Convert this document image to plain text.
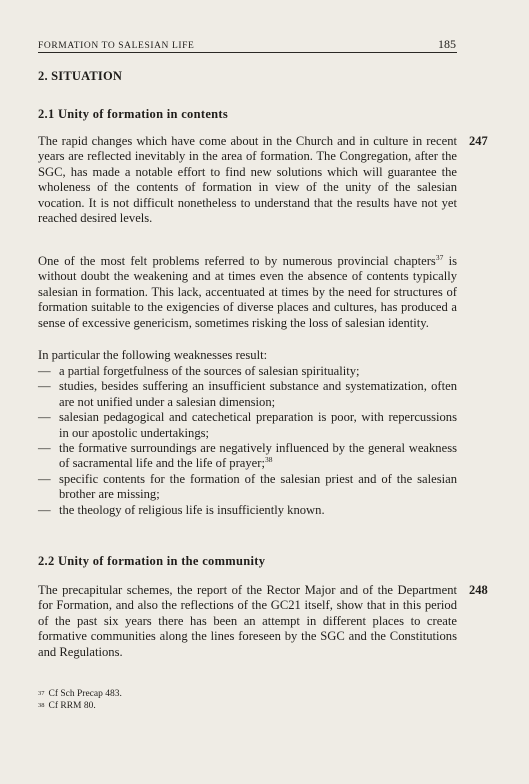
FORMATION TO SALESIAN LIFE	185
2. SITUATION
2.1 Unity of formation in contents
247
The rapid changes which have come about in the Church and in culture in recent years are reflected inevitably in the area of formation. The Congregation, after the SGC, has made a notable effort to find new solutions which will guarantee the wholeness of the contents of formation in view of the unity of the salesian vocation. It is not difficult nonetheless to understand that the results have not yet reached desired levels.
One of the most felt problems referred to by numerous provincial chapters$^{37}$ is without doubt the weakening and at times even the absence of contents typically salesian in formation. This lack, accentuated at times by the need for structures of formation suitable to the exigencies of diverse places and cultures, has produced a sense of excessive genericism, sometimes risking the loss of salesian identity.
In particular the following weaknesses result:
— a partial forgetfulness of the sources of salesian spirituality;
— studies, besides suffering an insufficient substance and systematization, often are not unified under a salesian dimension;
— salesian pedagogical and catechetical preparation is poor, with repercussions in our apostolic undertakings;
— the formative surroundings are negatively influenced by the general weakness of sacramental life and the life of prayer;$^{38}$
— specific contents for the formation of the salesian priest and of the salesian brother are missing;
— the theology of religious life is insufficiently known.
2.2 Unity of formation in the community
248
The precapitular schemes, the report of the Rector Major and of the Department for Formation, and also the reflections of the GC21 itself, show that in this period of the past six years there has been an attempt in different places to create formative communities along the lines foreseen by the SGC and the Constitutions and Regulations.
37 Cf Sch Precap 483.
38 Cf RRM 80.
